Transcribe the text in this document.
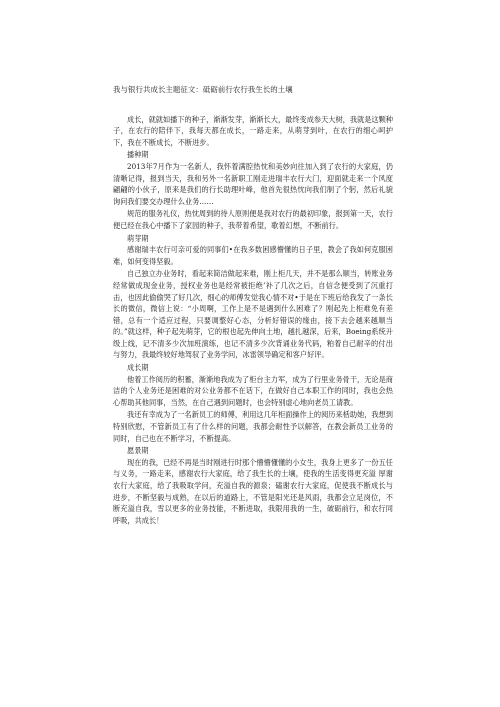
我与银行共成长主题征文：砥砺前行农行我生长的土壤

成长，就就如播下的种子，渐渐发芽，渐渐长大，最终变成参天大树，我就是这颗种子，在农行的陪伴下，我每天都在成长，一路走来，从萌芽到叶，在农行的细心呵护下，我在不断成长，不断进步。

播种期

2013年7月作为一名新人，我怀着满腔热忱和美妙向往加入到了农行的大家庭，仍清晰记得，报到当天，我和另外一名新职工刚走进瑞丰农行大门，迎面就走来一个风度翩翩的小伙子，原来是我们的行长助理叶峰，他首先很热忱向我们制了个躬，然后礼貌询问我们要交办理什么业务……

规范的服务礼仪，热忱周到的待人原则便是我对农行的最初印象，报到第一天，农行便已经在我心中播下了家园的种子，我带着希望，歌着幻想，不断前行。

萌芽期

感谢瑞丰农行可亲可爱的同事们•在我多数困感懵懂的日子里，教会了我如何克服困难，如何变得坚毅。

自己独立办业务时，看起来简洁做起来难，刚上柜几天，并不是那么顺当，转账业务经常做成现金业务，授权业务也是经常被拒绝’补了几次之后，自信念便受到了沉重打击，也因此偷偷哭了好几次，细心的师傅发觉我心情不对•于是在下班后给我发了一条长长的微信，微信上说：“小周啊，工作上是不是遇到什么困难了？刚起先上柜难免有差错，总有一个适应过程，只要调整好心态，分析好错误的缘由，接下去会越来越顺当的。”就这样，种子起先萌芽，它的根也起先伸向土地，越扎越深，后来，Boeing系统升级上线，记不清多少次加班演练，也记不清多少次背诵业务代码，粕着自己耐辛的付出与努力，我最终较好地驾驭了业务学问，冰雷领导确定和客户好评。

成长期

他着工作阅历的积蓄，渐渐地我成为了柜台主力军，成为了行里业务骨干，无论是商洁的个人业务还是困难的对公业务都不在话下，在做好自己本职工作的同时，我也会热心帮助其他同事，当然，在自己遇到问题时，也会特别虚心地向老员工请教。

我还有幸成为了一名新员工的师傅，利用这几年柜面操作上的阅历来栝助她，我想到特别欣慰，不管新员工有了什么样的问题，我都会耐性予以解答，在教会新员工业务的同时，自己也在不断学习，不断提高。

愿景期

现在的我，已经不再是当时刚进行时那个懵懵懂懂的小女生，我身上更多了一份五任与义务，一路走来，感谢农行大家庭，给了我生长的土壤，使我的生活变得更充溢 厚谢农行大家庭，给了我吸取学问，充溢自我的源泉；磕谢农行大家庭，促使我不断成长与进步，不断坚毅与成熟，在以后的道路上，不管是阳光还是风雨，我都会立足岗位，不断充溢自我，雪以更多的业务技能，不断进取，我限用我的一生，破砺前行，和农行同呼吸，共成长！
